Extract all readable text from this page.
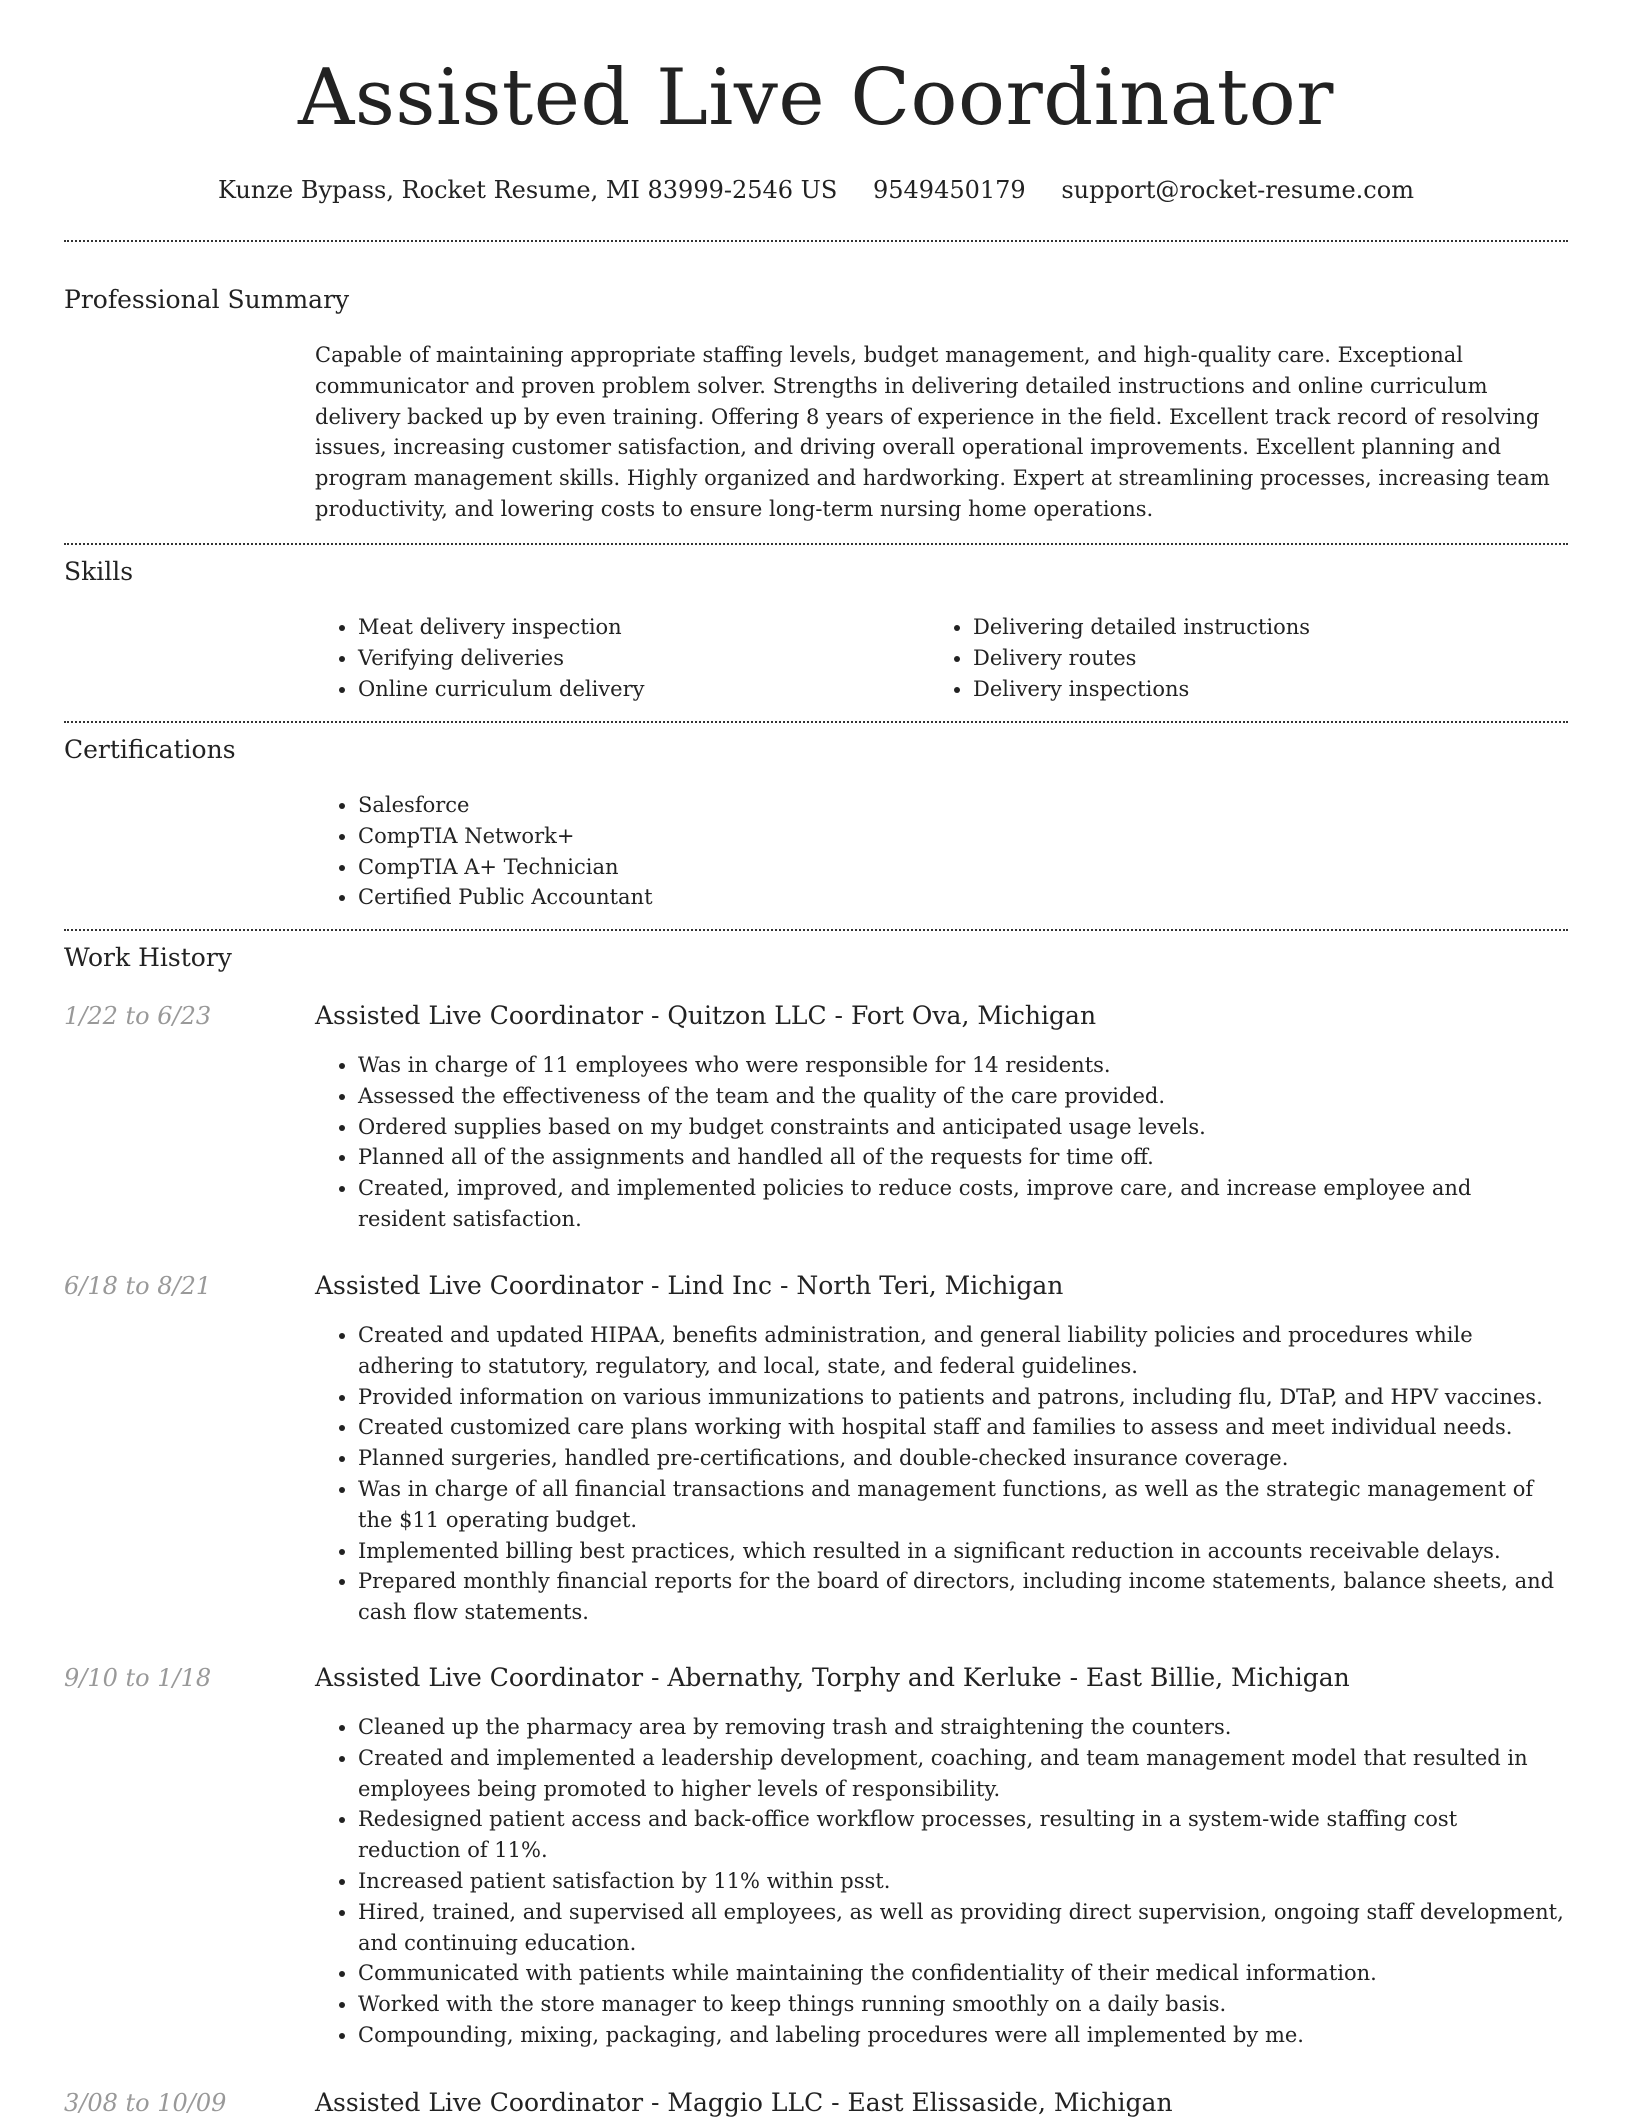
Assisted Live Coordinator
Kunze Bypass, Rocket Resume, MI 83999-2546 US 9549450179 support@rocket-resume.com
Professional Summary

Capable of maintaining appropriate staffing levels, budget management, and high-quality care. Exceptional communicator and proven problem solver. Strengths in delivering detailed instructions and online curriculum delivery backed up by even training. Offering 8 years of experience in the field. Excellent track record of resolving issues, increasing customer satisfaction, and driving overall operational improvements. Excellent planning and program management skills. Highly organized and hardworking. Expert at streamlining processes, increasing team productivity, and lowering costs to ensure long-term nursing home operations.

Skills
• Meat delivery inspection
• Verifying deliveries
• Online curriculum delivery
• Delivering detailed instructions
• Delivery routes
• Delivery inspections
Certifications
• Salesforce
• CompTIA Network+
• CompTIA A+ Technician
• Certified Public Accountant
Work History
1/22 to 6/23	Assisted Live Coordinator - Quitzon LLC - Fort Ova, Michigan
• Was in charge of 11 employees who were responsible for 14 residents.
• Assessed the effectiveness of the team and the quality of the care provided.
• Ordered supplies based on my budget constraints and anticipated usage levels.
• Planned all of the assignments and handled all of the requests for time off.
• Created, improved, and implemented policies to reduce costs, improve care, and increase employee and resident satisfaction.
6/18 to 8/21	Assisted Live Coordinator - Lind Inc - North Teri, Michigan
• Created and updated HIPAA, benefits administration, and general liability policies and procedures while adhering to statutory, regulatory, and local, state, and federal guidelines.
• Provided information on various immunizations to patients and patrons, including flu, DTaP, and HPV vaccines.
• Created customized care plans working with hospital staff and families to assess and meet individual needs.
• Planned surgeries, handled pre-certifications, and double-checked insurance coverage.
• Was in charge of all financial transactions and management functions, as well as the strategic management of the $11 operating budget.
• Implemented billing best practices, which resulted in a significant reduction in accounts receivable delays.
• Prepared monthly financial reports for the board of directors, including income statements, balance sheets, and cash flow statements.
9/10 to 1/18	Assisted Live Coordinator - Abernathy, Torphy and Kerluke - East Billie, Michigan
• Cleaned up the pharmacy area by removing trash and straightening the counters.
• Created and implemented a leadership development, coaching, and team management model that resulted in employees being promoted to higher levels of responsibility.
• Redesigned patient access and back-office workflow processes, resulting in a system-wide staffing cost reduction of 11%.
• Increased patient satisfaction by 11% within psst.
• Hired, trained, and supervised all employees, as well as providing direct supervision, ongoing staff development, and continuing education.
• Communicated with patients while maintaining the confidentiality of their medical information.
• Worked with the store manager to keep things running smoothly on a daily basis.
• Compounding, mixing, packaging, and labeling procedures were all implemented by me.
3/08 to 10/09	Assisted Live Coordinator - Maggio LLC - East Elissaside, Michigan
